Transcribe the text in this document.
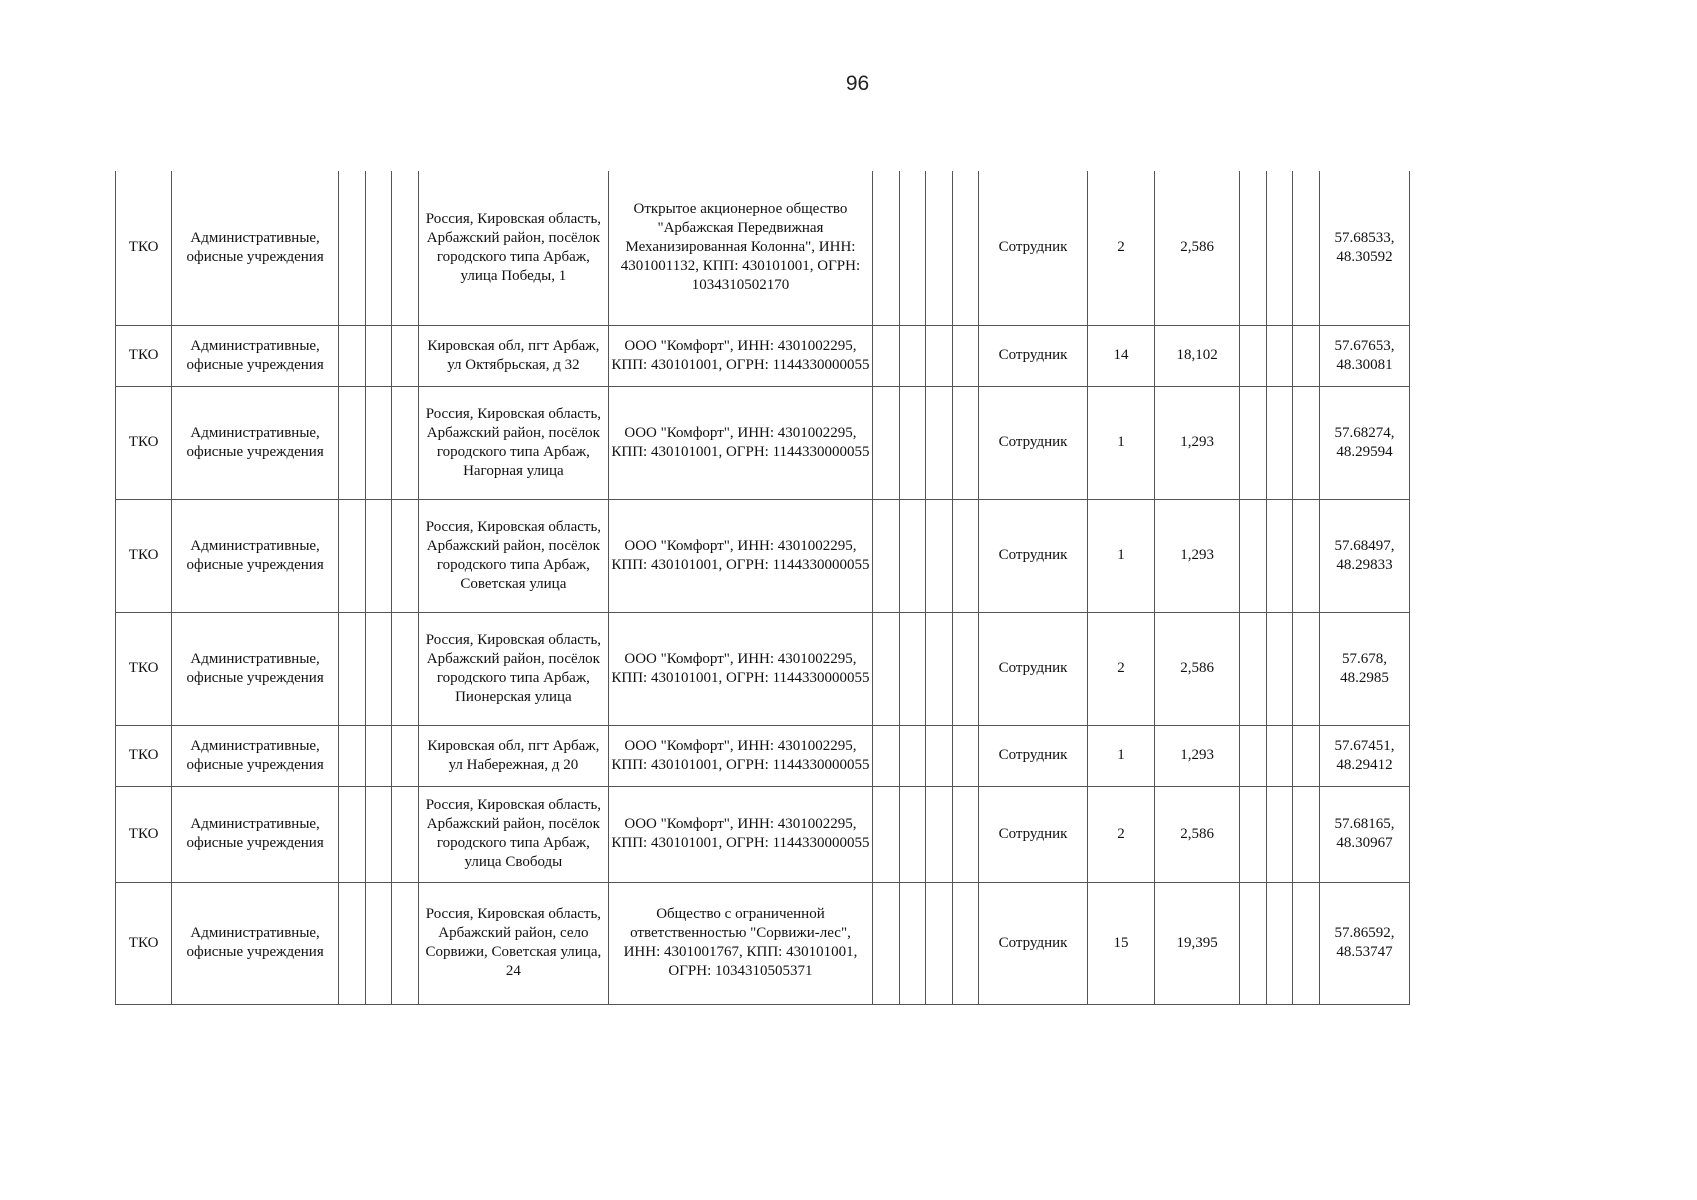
96
ТКО	Административные, офисные учреждения				Россия, Кировская область, Арбажский район, посёлок городского типа Арбаж, улица Победы, 1	Открытое акционерное общество "Арбажская Передвижная Механизированная Колонна", ИНН: 4301001132, КПП: 430101001, ОГРН: 1034310502170					Сотрудник	2	2,586				57.68533, 48.30592
ТКО	Административные, офисные учреждения				Кировская обл, пгт Арбаж, ул Октябрьская, д 32	ООО "Комфорт", ИНН: 4301002295, КПП: 430101001, ОГРН: 1144330000055					Сотрудник	14	18,102				57.67653, 48.30081
ТКО	Административные, офисные учреждения				Россия, Кировская область, Арбажский район, посёлок городского типа Арбаж, Нагорная улица	ООО "Комфорт", ИНН: 4301002295, КПП: 430101001, ОГРН: 1144330000055					Сотрудник	1	1,293				57.68274, 48.29594
ТКО	Административные, офисные учреждения				Россия, Кировская область, Арбажский район, посёлок городского типа Арбаж, Советская улица	ООО "Комфорт", ИНН: 4301002295, КПП: 430101001, ОГРН: 1144330000055					Сотрудник	1	1,293				57.68497, 48.29833
ТКО	Административные, офисные учреждения				Россия, Кировская область, Арбажский район, посёлок городского типа Арбаж, Пионерская улица	ООО "Комфорт", ИНН: 4301002295, КПП: 430101001, ОГРН: 1144330000055					Сотрудник	2	2,586				57.678, 48.2985
ТКО	Административные, офисные учреждения				Кировская обл, пгт Арбаж, ул Набережная, д 20	ООО "Комфорт", ИНН: 4301002295, КПП: 430101001, ОГРН: 1144330000055					Сотрудник	1	1,293				57.67451, 48.29412
ТКО	Административные, офисные учреждения				Россия, Кировская область, Арбажский район, посёлок городского типа Арбаж, улица Свободы	ООО "Комфорт", ИНН: 4301002295, КПП: 430101001, ОГРН: 1144330000055					Сотрудник	2	2,586				57.68165, 48.30967
ТКО	Административные, офисные учреждения				Россия, Кировская область, Арбажский район, село Сорвижи, Советская улица, 24	Общество с ограниченной ответственностью "Сорвижи-лес", ИНН: 4301001767, КПП: 430101001, ОГРН: 1034310505371					Сотрудник	15	19,395				57.86592, 48.53747
